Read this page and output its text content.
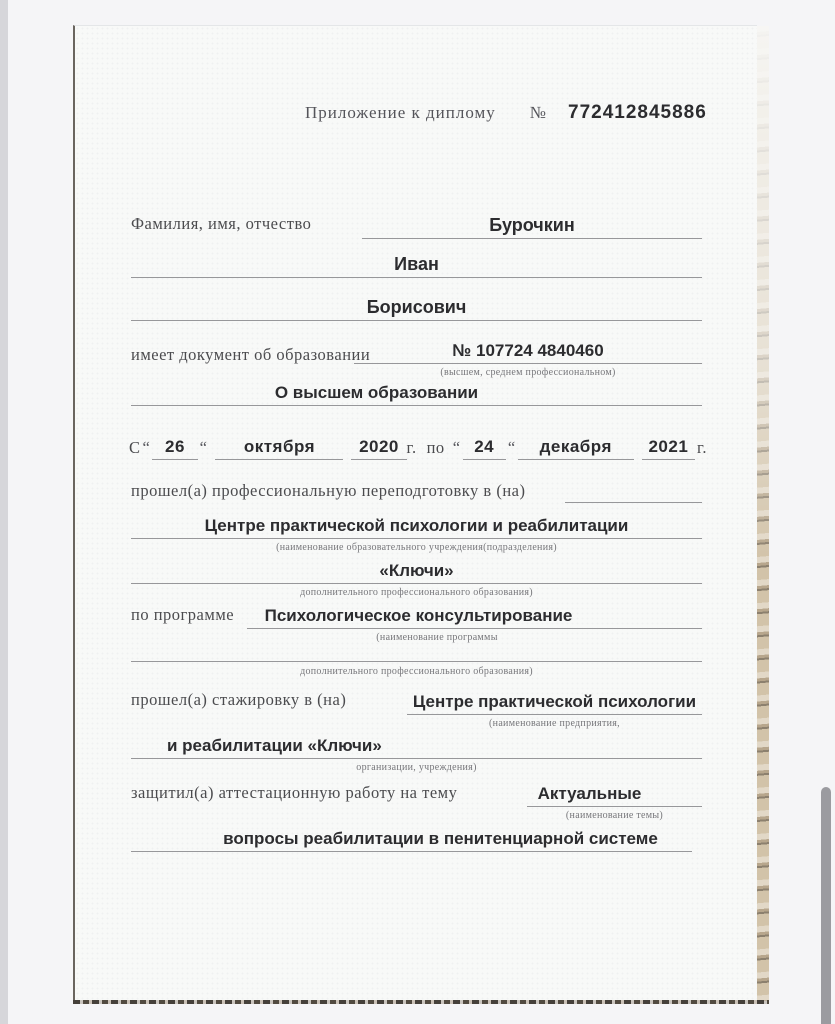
Приложение к диплому № 772412845886
Фамилия, имя, отчество	Бурочкин
Иван
Борисович
имеет документ об образовании	№ 107724 4840460
(высшем, среднем профессиональном)
О высшем образовании
С “ 26 “ октября	2020 г. по “ 24 “ декабря 2021 г.
прошел(а) профессиональную переподготовку в (на)
Центре практической психологии и реабилитации
(наименование образовательного учреждения(подразделения)
«Ключи»
дополнительного профессионального образования)
по программе Психологическое консультирование
(наименование программы
дополнительного профессионального образования)
прошел(а) стажировку в (на)	Центре практической психологии
(наименование предприятия,
и реабилитации «Ключи»
организации, учреждения)
защитил(а) аттестационную работу на тему	Актуальные
(наименование темы)
вопросы реабилитации в пенитенциарной системе
